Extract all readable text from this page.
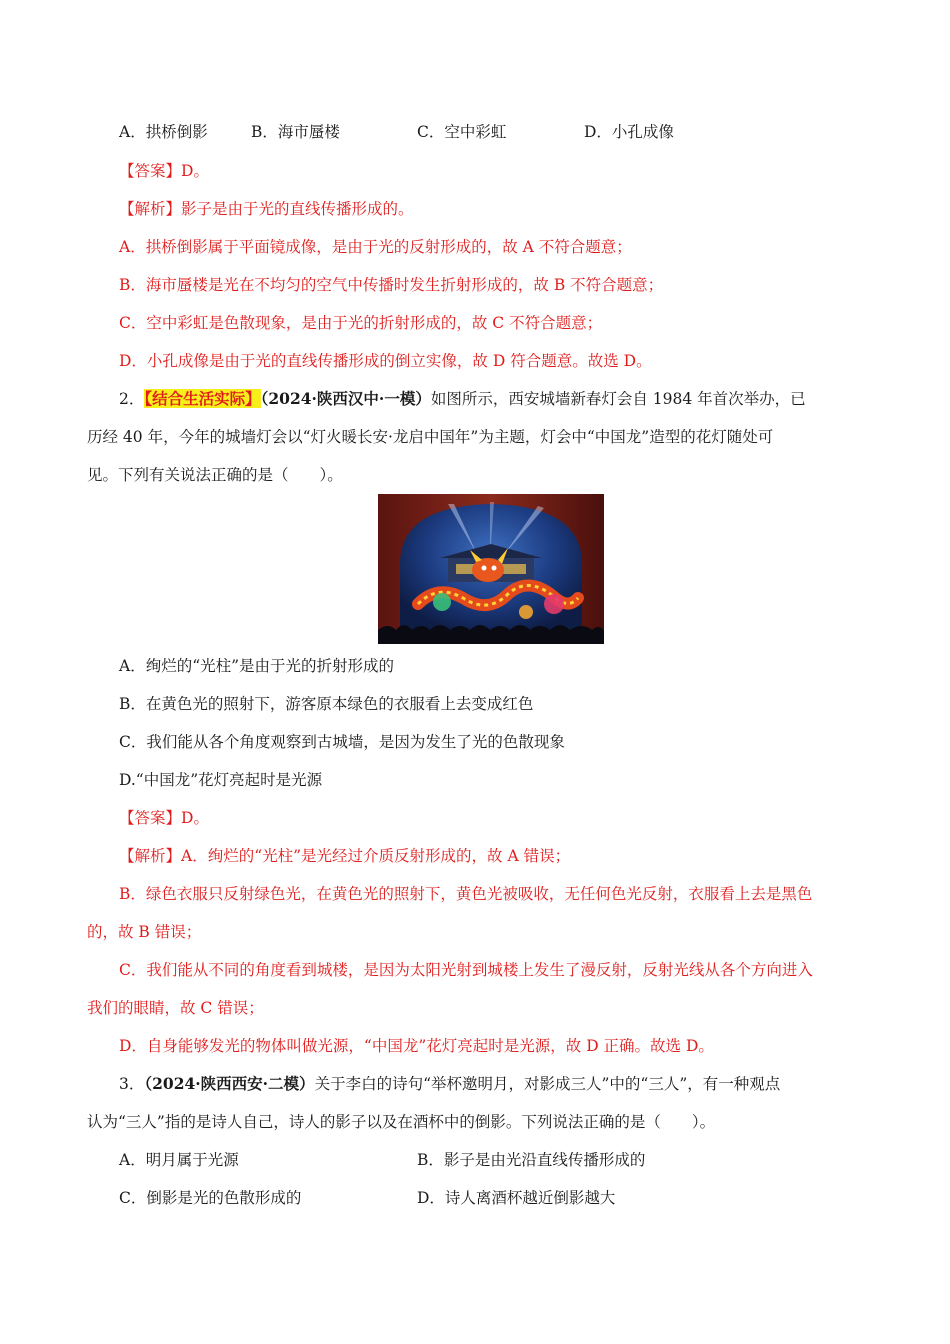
A．拱桥倒影	B．海市蜃楼	C．空中彩虹	D．小孔成像
【答案】D。
【解析】影子是由于光的直线传播形成的。
A．拱桥倒影属于平面镜成像，是由于光的反射形成的，故 A 不符合题意；
B．海市蜃楼是光在不均匀的空气中传播时发生折射形成的，故 B 不符合题意；
C．空中彩虹是色散现象，是由于光的折射形成的，故 C 不符合题意；
D．小孔成像是由于光的直线传播形成的倒立实像，故 D 符合题意。故选 D。
2．【结合生活实际】（2024·陕西汉中·一模）如图所示，西安城墙新春灯会自 1984 年首次举办，已
历经 40 年，今年的城墙灯会以“灯火暖长安·龙启中国年”为主题，灯会中“中国龙”造型的花灯随处可
见。下列有关说法正确的是（　　）。
A．绚烂的“光柱”是由于光的折射形成的
B．在黄色光的照射下，游客原本绿色的衣服看上去变成红色
C．我们能从各个角度观察到古城墙，是因为发生了光的色散现象
D.“中国龙”花灯亮起时是光源
【答案】D。
【解析】A．绚烂的“光柱”是光经过介质反射形成的，故 A 错误；
B．绿色衣服只反射绿色光，在黄色光的照射下，黄色光被吸收，无任何色光反射，衣服看上去是黑色
的，故 B 错误；
C．我们能从不同的角度看到城楼，是因为太阳光射到城楼上发生了漫反射，反射光线从各个方向进入
我们的眼睛，故 C 错误；
D．自身能够发光的物体叫做光源，“中国龙”花灯亮起时是光源，故 D 正确。故选 D。
3．（2024·陕西西安·二模）关于李白的诗句“举杯邀明月，对影成三人”中的“三人”，有一种观点
认为“三人”指的是诗人自己，诗人的影子以及在酒杯中的倒影。下列说法正确的是（　　）。
A．明月属于光源	B．影子是由光沿直线传播形成的
C．倒影是光的色散形成的	D．诗人离酒杯越近倒影越大
